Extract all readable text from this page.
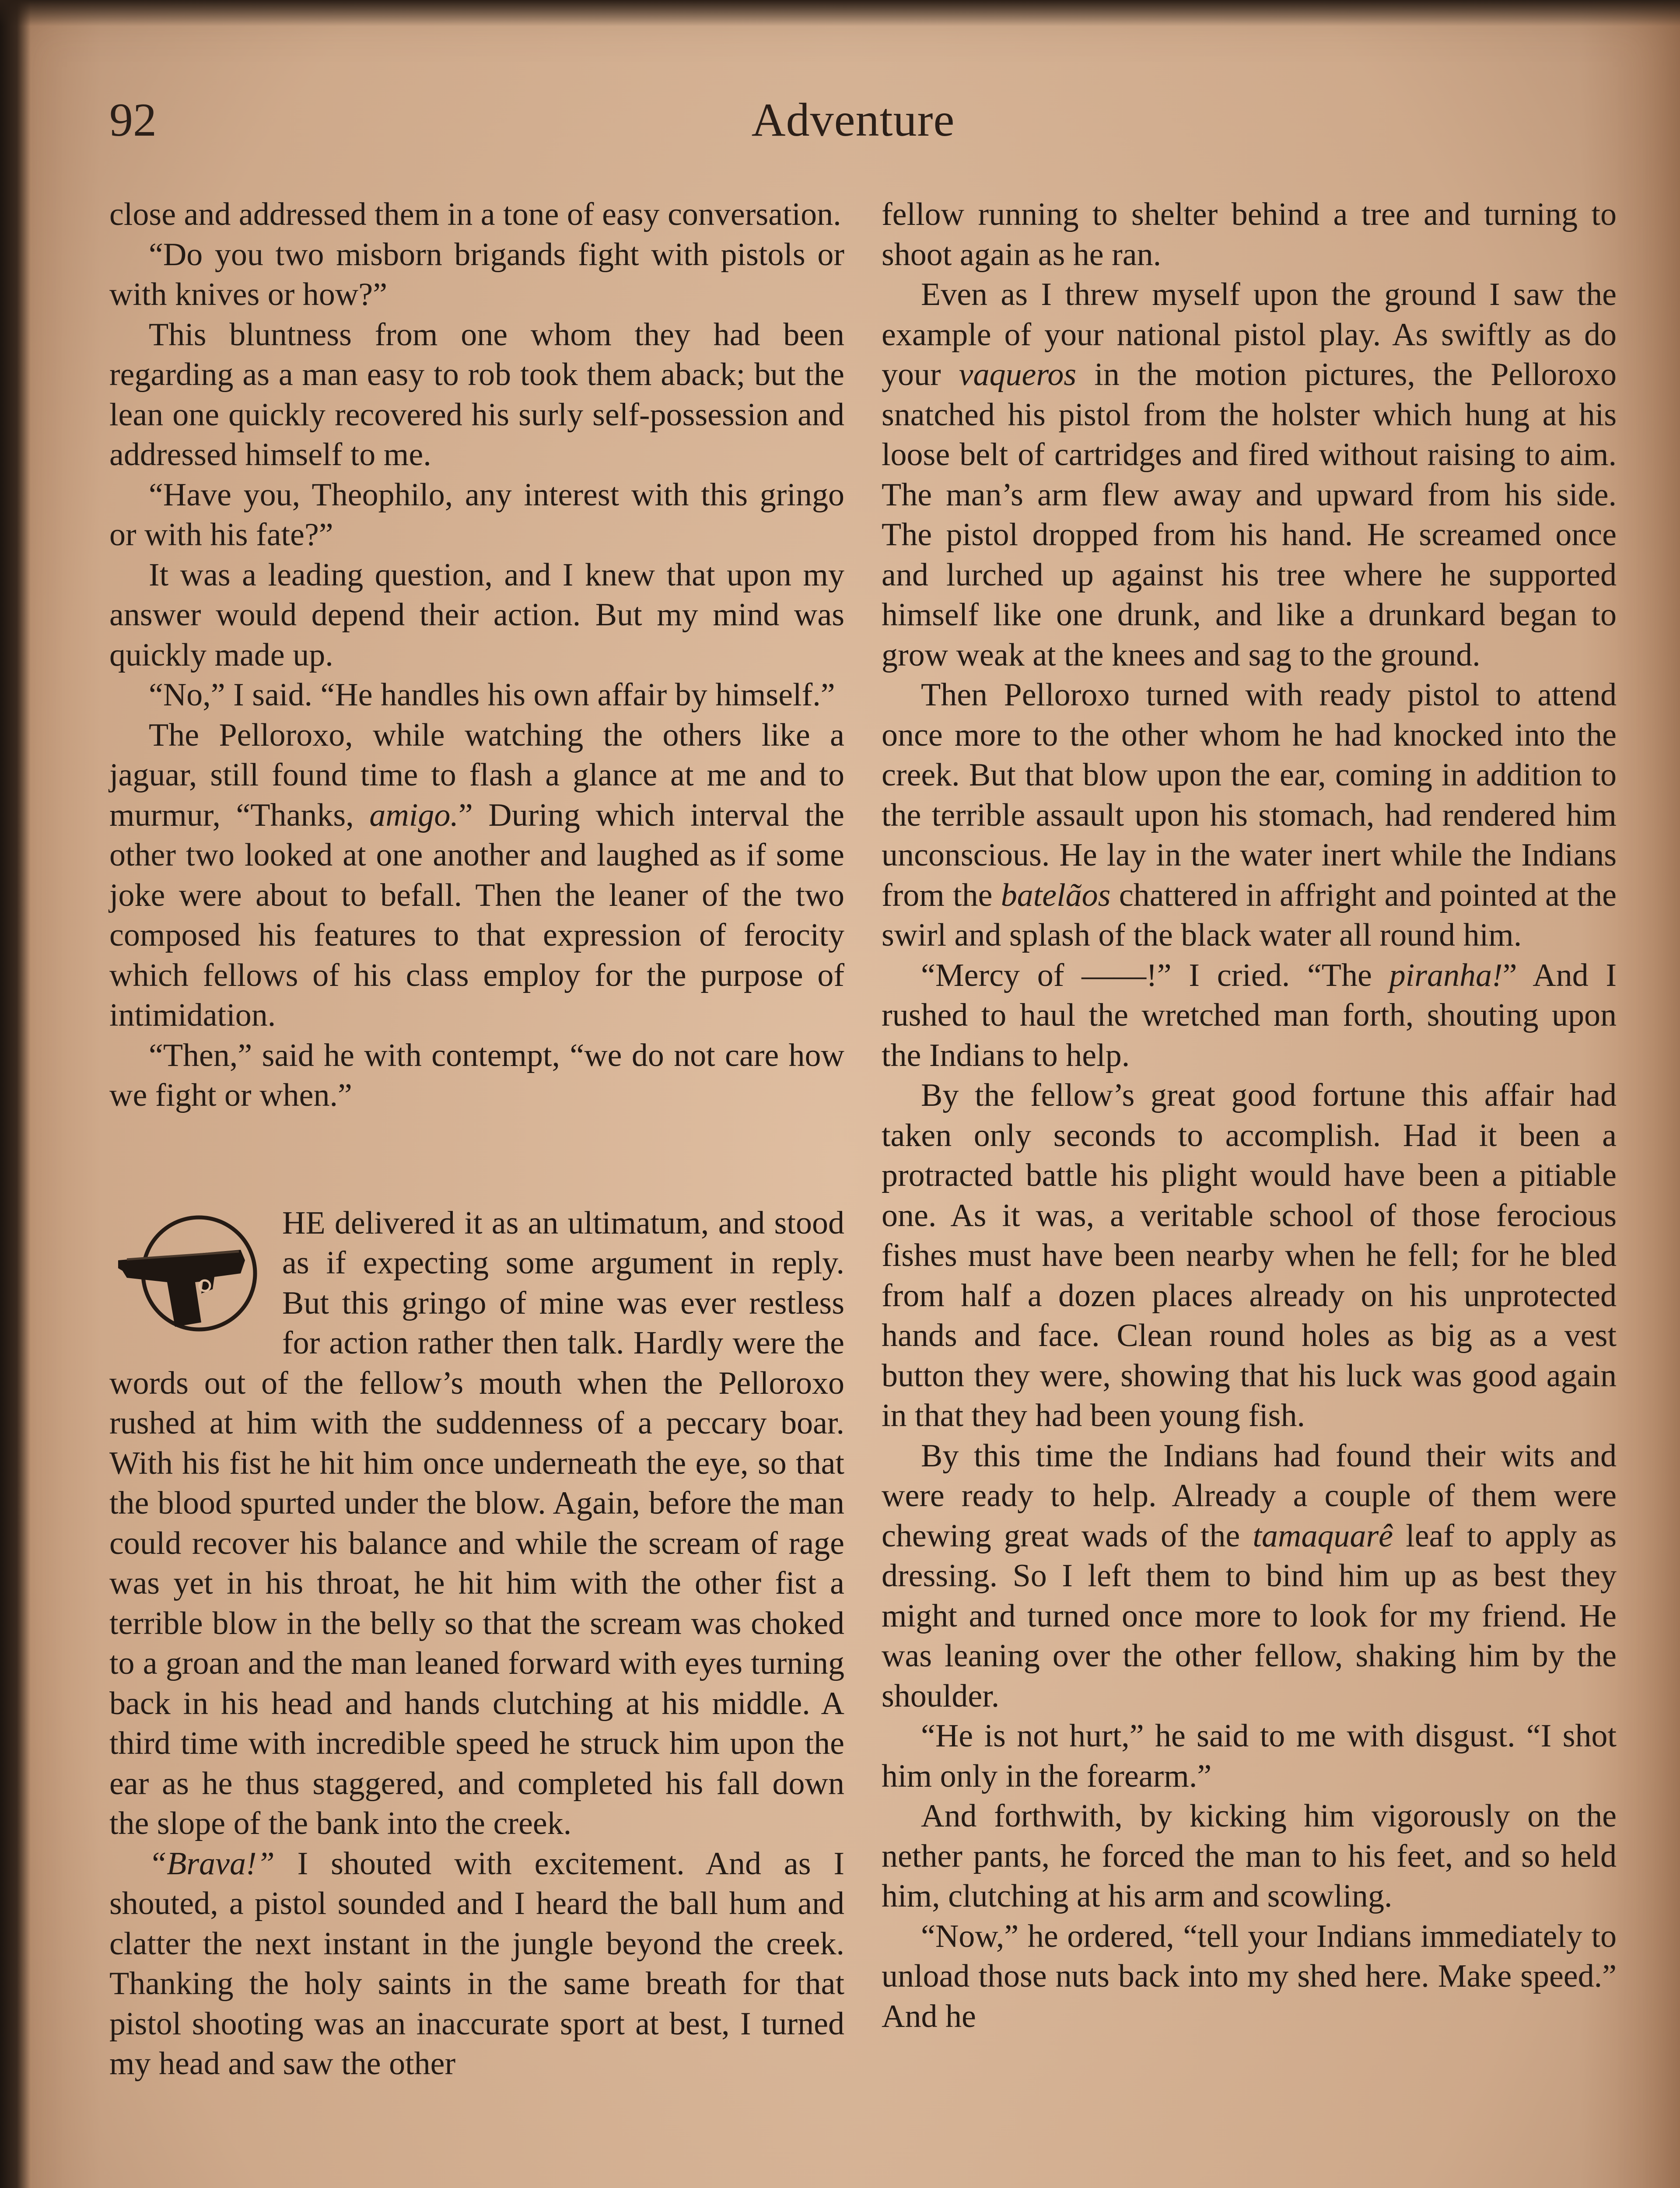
92	Adventure

close and addressed them in a tone of easy conversation.

“Do you two misborn brigands fight with pistols or with knives or how?”

This bluntness from one whom they had been regarding as a man easy to rob took them aback; but the lean one quickly recovered his surly self-possession and addressed himself to me.

“Have you, Theophilo, any interest with this gringo or with his fate?”

It was a leading question, and I knew that upon my answer would depend their action. But my mind was quickly made up.

“No,” I said. “He handles his own affair by himself.”

The Pelloroxo, while watching the others like a jaguar, still found time to flash a glance at me and to murmur, “Thanks, amigo.” During which interval the other two looked at one another and laughed as if some joke were about to befall. Then the leaner of the two composed his features to that expression of ferocity which fellows of his class employ for the purpose of intimidation.

“Then,” said he with contempt, “we do not care how we fight or when.”

HE delivered it as an ultimatum, and stood as if expecting some argument in reply. But this gringo of mine was ever restless for action rather then talk. Hardly were the words out of the fellow’s mouth when the Pelloroxo rushed at him with the suddenness of a peccary boar. With his fist he hit him once underneath the eye, so that the blood spurted under the blow. Again, before the man could recover his balance and while the scream of rage was yet in his throat, he hit him with the other fist a terrible blow in the belly so that the scream was choked to a groan and the man leaned forward with eyes turning back in his head and hands clutching at his middle. A third time with incredible speed he struck him upon the ear as he thus staggered, and completed his fall down the slope of the bank into the creek.

“Brava!” I shouted with excitement. And as I shouted, a pistol sounded and I heard the ball hum and clatter the next instant in the jungle beyond the creek. Thanking the holy saints in the same breath for that pistol shooting was an inaccurate sport at best, I turned my head and saw the other

fellow running to shelter behind a tree and turning to shoot again as he ran.

Even as I threw myself upon the ground I saw the example of your national pistol play. As swiftly as do your vaqueros in the motion pictures, the Pelloroxo snatched his pistol from the holster which hung at his loose belt of cartridges and fired without raising to aim. The man’s arm flew away and upward from his side. The pistol dropped from his hand. He screamed once and lurched up against his tree where he supported himself like one drunk, and like a drunkard began to grow weak at the knees and sag to the ground.

Then Pelloroxo turned with ready pistol to attend once more to the other whom he had knocked into the creek. But that blow upon the ear, coming in addition to the terrible assault upon his stomach, had rendered him unconscious. He lay in the water inert while the Indians from the batelãos chattered in affright and pointed at the swirl and splash of the black water all round him.

“Mercy of ——!” I cried. “The piranha!” And I rushed to haul the wretched man forth, shouting upon the Indians to help.

By the fellow’s great good fortune this affair had taken only seconds to accomplish. Had it been a protracted battle his plight would have been a pitiable one. As it was, a veritable school of those ferocious fishes must have been nearby when he fell; for he bled from half a dozen places already on his unprotected hands and face. Clean round holes as big as a vest button they were, showing that his luck was good again in that they had been young fish.

By this time the Indians had found their wits and were ready to help. Already a couple of them were chewing great wads of the tamaquarê leaf to apply as dressing. So I left them to bind him up as best they might and turned once more to look for my friend. He was leaning over the other fellow, shaking him by the shoulder.

“He is not hurt,” he said to me with disgust. “I shot him only in the forearm.”

And forthwith, by kicking him vigorously on the nether pants, he forced the man to his feet, and so held him, clutching at his arm and scowling.

“Now,” he ordered, “tell your Indians immediately to unload those nuts back into my shed here. Make speed.” And he
